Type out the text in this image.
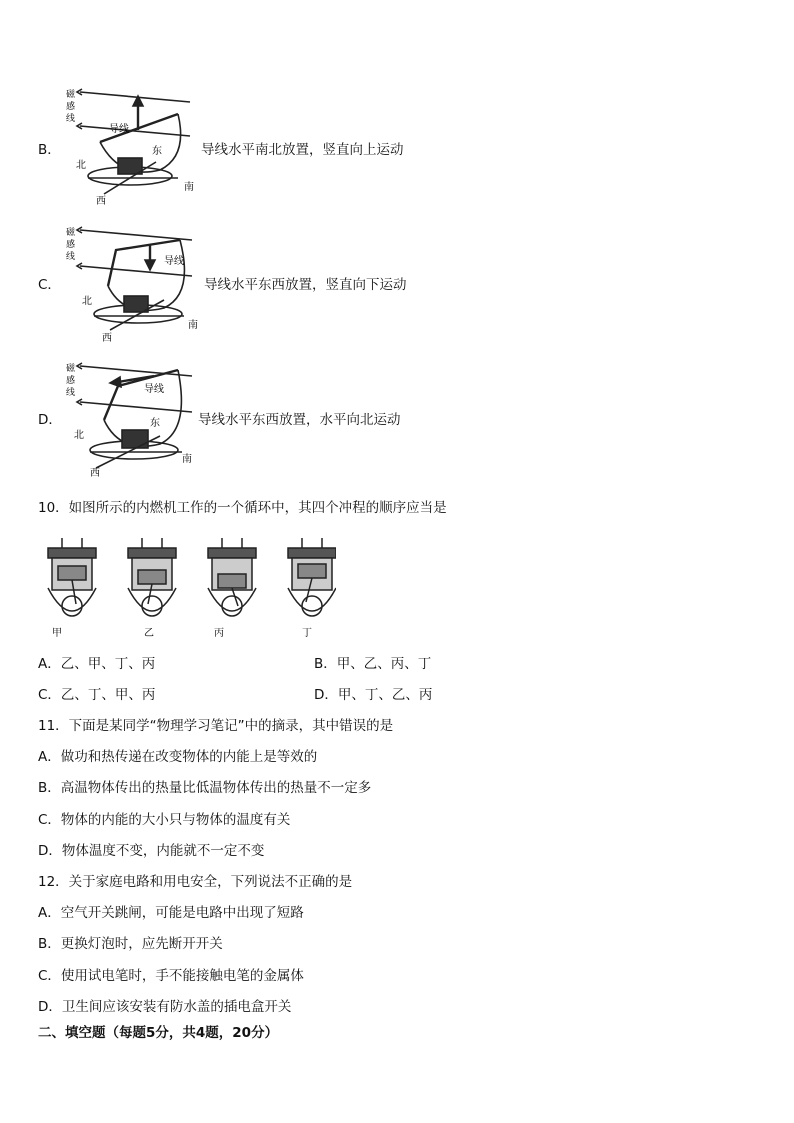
B．
磁
感
线
导线
东
北
南
西
导线水平南北放置，竖直向上运动
C．
磁
感
线	导线
北
南
西
导线水平东西放置，竖直向下运动
D．
磁
感
线	导线
东
北
南
西
导线水平东西放置，水平向北运动
10．如图所示的内燃机工作的一个循环中，其四个冲程的顺序应当是
甲	乙	丙	丁
A．乙、甲、丁、丙	B．甲、乙、丙、丁
C．乙、丁、甲、丙	D．甲、丁、乙、丙
11．下面是某同学“物理学习笔记”中的摘录，其中错误的是
A．做功和热传递在改变物体的内能上是等效的
B．高温物体传出的热量比低温物体传出的热量不一定多
C．物体的内能的大小只与物体的温度有关
D．物体温度不变，内能就不一定不变
12．关于家庭电路和用电安全，下列说法不正确的是
A．空气开关跳闸，可能是电路中出现了短路
B．更换灯泡时，应先断开开关
C．使用试电笔时，手不能接触电笔的金属体
D．卫生间应该安装有防水盖的插电盒开关
二、填空题（每题5分，共4题，20分）
